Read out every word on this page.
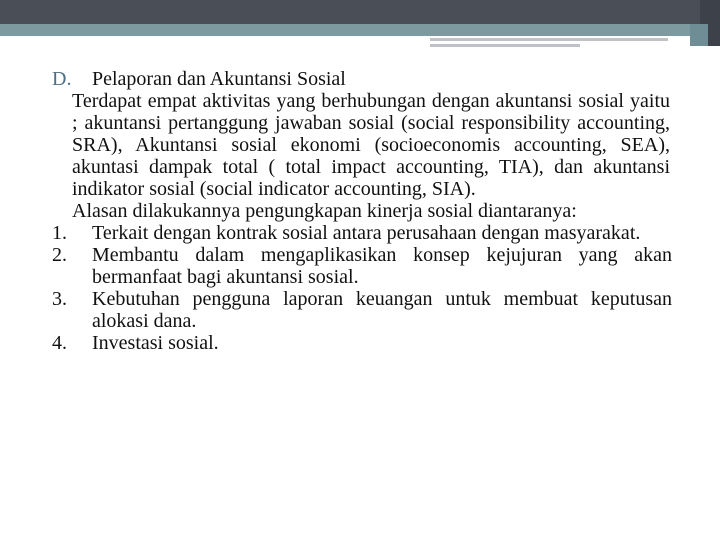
D.	Pelaporan dan Akuntansi Sosial
Terdapat empat aktivitas yang berhubungan dengan akuntansi sosial yaitu ; akuntansi pertanggung jawaban sosial (social responsibility accounting, SRA), Akuntansi sosial ekonomi (socioeconomis accounting, SEA), akuntasi dampak total ( total impact accounting, TIA), dan akuntansi indikator sosial (social indicator accounting, SIA).
Alasan dilakukannya pengungkapan kinerja sosial diantaranya:
1.	Terkait dengan kontrak sosial antara perusahaan dengan masyarakat.
2.	Membantu dalam mengaplikasikan konsep kejujuran yang akan bermanfaat bagi akuntansi sosial.
3.	Kebutuhan pengguna laporan keuangan untuk membuat keputusan alokasi dana.
4.	Investasi sosial.
